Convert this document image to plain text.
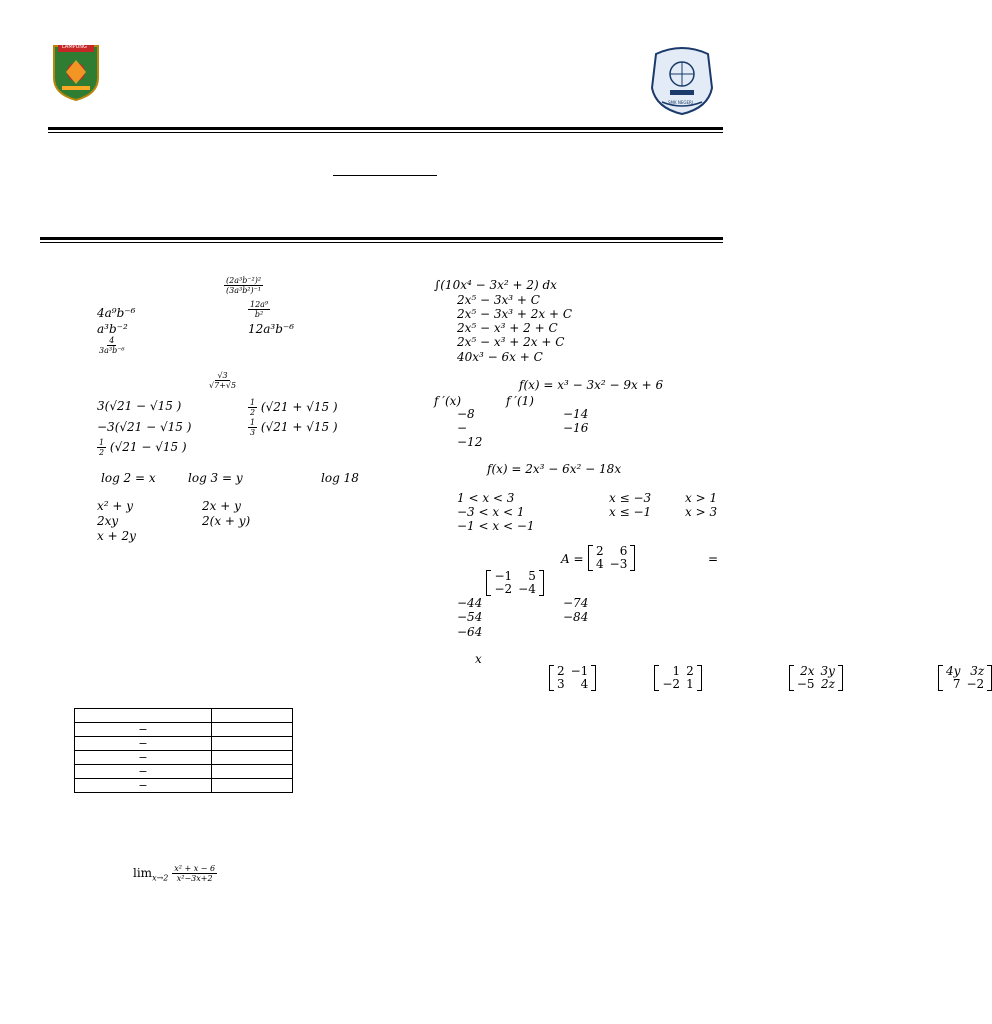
LAMPUNG
SMK NEGERI
$\frac{\text{(2a³b⁻²)²}}{\text{(3a³b²)⁻¹}}$
4a⁹b⁻⁶	$\frac{\text{12a⁹}}{\text{b²}}$
a³b⁻²	12a³b⁻⁶
$\frac{4}{\text{3a³b⁻⁶}}$
$\frac{√3}{√7+√5}$
3(√21 − √15 )	$\frac{1}{2} (√21 + √15$ )
−3(√21 − √15 )	$\frac{1}{3} (√21 + √15$ )
$\frac{1}{2} (√21 - √15$ )
log 2 = x	log 3 = y	log 18
x² + y	2x + y
2xy	2(x + y)
x + 2y

−	
−	
−	
−	
−	
$\lim_{x\to 2} \frac{\text{x² + x − 6}}{\text{x²−3x+2}}$
∫(10x⁴ − 3x² + 2) dx
2x⁵ − 3x³ + C
2x⁵ − 3x³ + 2x + C
2x⁵ − x³ + 2 + C
2x⁵ − x³ + 2x + C
40x³ − 6x + C
f(x) = x³ − 3x² − 9x + 6
f ′(x)	f ′(1)
−8	−14
−	−16
−12
f(x) = 2x³ − 6x² − 18x
1 < x < 3	x ≤ −3	x > 1
−3 < x < 1	x ≤ −1	x > 3
−1 < x < −1
A =
2	6
4	−3
	=
−1	5
−2	−4

−44	−74
−54	−84
−64
x
2	−1
3	4

1	2
−2	1

2x	3y
−5	2z

4y	3z
7	−2
